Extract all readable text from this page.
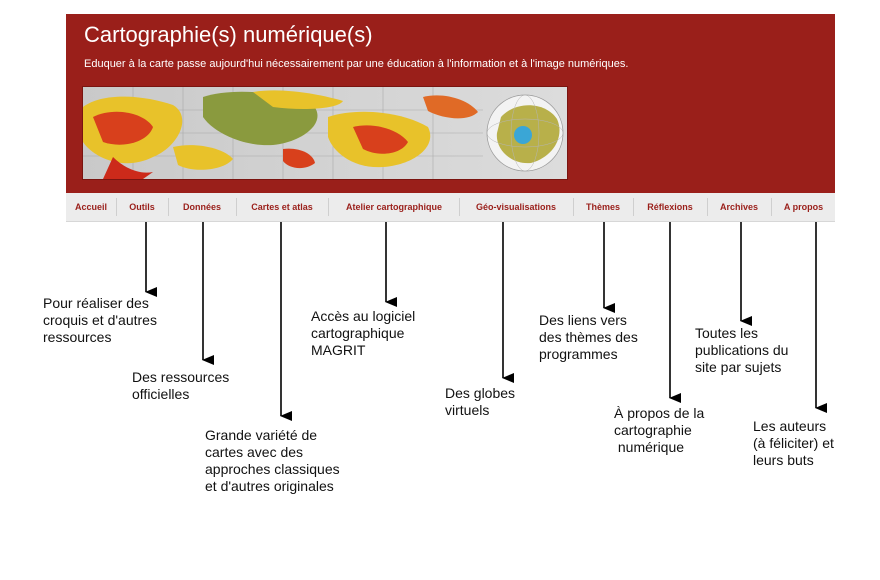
Cartographie(s) numérique(s)
Eduquer à la carte passe aujourd'hui nécessairement par une éducation à l'information et à l'image numériques.
Accueil	Outils	Données	Cartes et atlas	Atelier cartographique	Géo-visualisations	Thèmes	Réflexions	Archives	A propos
Pour réaliser des
croquis et d'autres
ressources
Des ressources
officielles
Grande variété de
cartes avec des
approches classiques
et d'autres originales
Accès au logiciel
cartographique
MAGRIT
Des globes
virtuels
Des liens vers
des thèmes des
programmes
À propos de la
cartographie
numérique
Toutes les
publications du
site par sujets
Les auteurs
(à féliciter) et
leurs buts
